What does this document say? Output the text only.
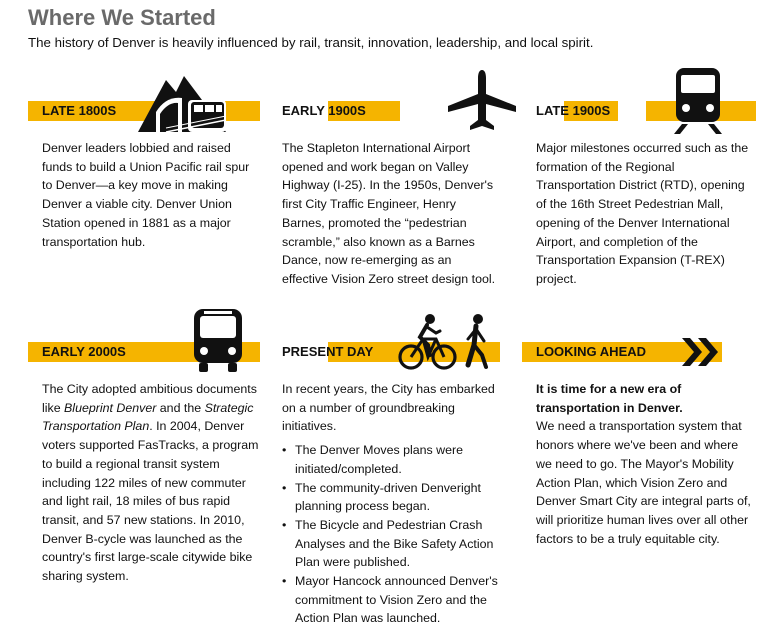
Where We Started

The history of Denver is heavily influenced by rail, transit, innovation, leadership, and local spirit.

LATE 1800S

Denver leaders lobbied and raised funds to build a Union Pacific rail spur to Denver—a key move in making Denver a viable city. Denver Union Station opened in 1881 as a major transportation hub.

EARLY 1900S

The Stapleton International Airport opened and work began on Valley Highway (I-25). In the 1950s, Denver's first City Traffic Engineer, Henry Barnes, promoted the “pedestrian scramble,” also known as a Barnes Dance, now re-emerging as an effective Vision Zero street design tool.

LATE 1900S

Major milestones occurred such as the formation of the Regional Transportation District (RTD), opening of the 16th Street Pedestrian Mall, opening of the Denver International Airport, and completion of the Transportation Expansion (T-REX) project.

EARLY 2000S

The City adopted ambitious documents like Blueprint Denver and the Strategic Transportation Plan. In 2004, Denver voters supported FasTracks, a program to build a regional transit system including 122 miles of new commuter and light rail, 18 miles of bus rapid transit, and 57 new stations. In 2010, Denver B-cycle was launched as the country's first large-scale citywide bike sharing system.

PRESENT DAY

In recent years, the City has embarked on a number of groundbreaking initiatives.

• The Denver Moves plans were initiated/completed.
• The community-driven Denveright planning process began.
• The Bicycle and Pedestrian Crash Analyses and the Bike Safety Action Plan were published.
• Mayor Hancock announced Denver's commitment to Vision Zero and the Action Plan was launched.
LOOKING AHEAD

It is time for a new era of transportation in Denver.

We need a transportation system that honors where we've been and where we need to go. The Mayor's Mobility Action Plan, which Vision Zero and Denver Smart City are integral parts of, will prioritize human lives over all other factors to be a truly equitable city.
